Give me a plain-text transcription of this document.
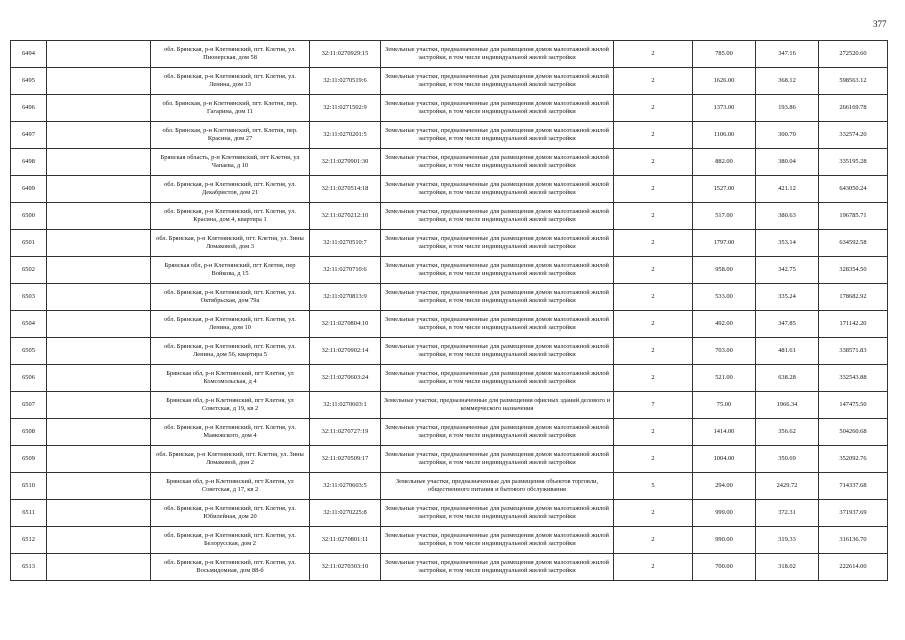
377
6494		обл. Брянская, р-н Клетнянский, пгт. Клетня, ул. Пионерская, дом 58	32:11:0270929:15	Земельные участки, предназначенные для размещения домов малоэтажной жилой застройки, в том числе индивидуальной жилой застройки	2	785.00	347.16	272520.60
6495		обл. Брянская, р-н Клетнянский, пгт. Клетня, ул. Ленина, дом 13	32:11:0270519:6	Земельные участки, предназначенные для размещения домов малоэтажной жилой застройки, в том числе индивидуальной жилой застройки	2	1626.00	368.12	598563.12
6496		обл. Брянская, р-н Клетнянский, пгт. Клетня, пер. Гагарина, дом 11	32:11:0271502:9	Земельные участки, предназначенные для размещения домов малоэтажной жилой застройки, в том числе индивидуальной жилой застройки	2	1373.00	193.86	266169.78
6497		обл. Брянская, р-н Клетнянский, пгт. Клетня, пер. Красина, дом 27	32:11:0270201:5	Земельные участки, предназначенные для размещения домов малоэтажной жилой застройки, в том числе индивидуальной жилой застройки	2	1106.00	300.70	332574.20
6498		Брянская область, р-н Клетнянский, пгт Клетня, ул Чапаева, д 10	32:11:0270901:30	Земельные участки, предназначенные для размещения домов малоэтажной жилой застройки, в том числе индивидуальной жилой застройки	2	882.00	380.04	335195.28
6499		обл. Брянская, р-н Клетнянский, пгт. Клетня, ул. Декабристов, дом 21	32:11:0270514:18	Земельные участки, предназначенные для размещения домов малоэтажной жилой застройки, в том числе индивидуальной жилой застройки	2	1527.00	421.12	643050.24
6500		обл. Брянская, р-н Клетнянский, пгт. Клетня, ул. Красина, дом 4, квартира 1	32:11:0270212:10	Земельные участки, предназначенные для размещения домов малоэтажной жилой застройки, в том числе индивидуальной жилой застройки	2	517.00	380.63	196785.71
6501		обл. Брянская, р-н Клетнянский, пгт. Клетня, ул. Зины Ломаковой, дом 3	32:11:0270510:7	Земельные участки, предназначенные для размещения домов малоэтажной жилой застройки, в том числе индивидуальной жилой застройки	2	1797.00	353.14	634592.58
6502		Брянская обл, р-н Клетнянский, пгт Клетня, пер Войкова, д 15	32:11:0270710:6	Земельные участки, предназначенные для размещения домов малоэтажной жилой застройки, в том числе индивидуальной жилой застройки	2	958.00	342.75	328354.50
6503		обл. Брянская, р-н Клетнянский, пгт. Клетня, ул. Октябрьская, дом 79а	32:11:0270813:9	Земельные участки, предназначенные для размещения домов малоэтажной жилой застройки, в том числе индивидуальной жилой застройки	2	533.00	335.24	178682.92
6504		обл. Брянская, р-н Клетнянский, пгт. Клетня, ул. Ленина, дом 10	32:11:0270804:10	Земельные участки, предназначенные для размещения домов малоэтажной жилой застройки, в том числе индивидуальной жилой застройки	2	492.00	347.85	171142.20
6505		обл. Брянская, р-н Клетнянский, пгт. Клетня, ул. Ленина, дом 56, квартира 5	32:11:0270902:14	Земельные участки, предназначенные для размещения домов малоэтажной жилой застройки, в том числе индивидуальной жилой застройки	2	703.00	481.61	338571.83
6506		Брянская обл, р-н Клетнянский, пгт Клетня, ул Комсомольская, д 4	32:11:0270603:24	Земельные участки, предназначенные для размещения домов малоэтажной жилой застройки, в том числе индивидуальной жилой застройки	2	521.00	638.28	332543.88
6507		Брянская обл, р-н Клетнянский, пгт Клетня, ул Советская, д 19, кв 2	32:11:0270603:1	Земельные участки, предназначенные для размещения офисных зданий делового и коммерческого назначения	7	75.00	1966.34	147475.50
6508		обл. Брянская, р-н Клетнянский, пгт. Клетня, ул. Маяковского, дом 4	32:11:0270727:19	Земельные участки, предназначенные для размещения домов малоэтажной жилой застройки, в том числе индивидуальной жилой застройки	2	1414.00	356.62	504260.68
6509		обл. Брянская, р-н Клетнянский, пгт. Клетня, ул. Зины Ломаковой, дом 2	32:11:0270509:17	Земельные участки, предназначенные для размещения домов малоэтажной жилой застройки, в том числе индивидуальной жилой застройки	2	1004.00	350.69	352092.76
6510		Брянская обл, р-н Клетнянский, пгт Клетня, ул Советская, д 17, кв 2	32:11:0270603:5	Земельные участки, предназначенные для размещения объектов торговли, общественного питания и бытового обслуживания	5	294.00	2429.72	714337.68
6511		обл. Брянская, р-н Клетнянский, пгт. Клетня, ул. Юбилейная, дом 20	32:11:0270225:8	Земельные участки, предназначенные для размещения домов малоэтажной жилой застройки, в том числе индивидуальной жилой застройки	2	999.00	372.31	371937.69
6512		обл. Брянская, р-н Клетнянский, пгт. Клетня, ул. Белорусская, дом 2	32:11:0270801:11	Земельные участки, предназначенные для размещения домов малоэтажной жилой застройки, в том числе индивидуальной жилой застройки	2	990.00	319.33	316136.70
6513		обл. Брянская, р-н Клетнянский, пгт. Клетня, ул. Восьмидомная, дом 88-б	32:11:0270303:10	Земельные участки, предназначенные для размещения домов малоэтажной жилой застройки, в том числе индивидуальной жилой застройки	2	700.00	318.02	222614.00
